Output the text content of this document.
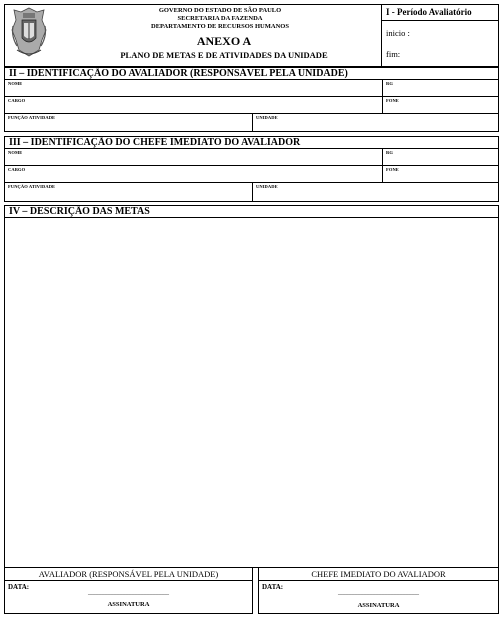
GOVERNO DO ESTADO DE SÃO PAULO
SECRETARIA DA FAZENDA
DEPARTAMENTO DE RECURSOS HUMANOS
ANEXO A
PLANO DE METAS E DE ATIVIDADES DA UNIDADE
I - Período Avaliatório
inicio :
fim:
II – IDENTIFICAÇÃO DO AVALIADOR (RESPONSÁVEL PELA UNIDADE)
NOME	RG
CARGO	FONE
FUNÇÃO ATIVIDADE	UNIDADE
III – IDENTIFICAÇÃO DO CHEFE IMEDIATO DO AVALIADOR
NOME	RG
CARGO	FONE
FUNÇÃO ATIVIDADE	UNIDADE
IV – DESCRIÇÃO DAS METAS
AVALIADOR (RESPONSÁVEL PELA UNIDADE)
DATA:
___________________________
ASSINATURA
CHEFE IMEDIATO DO AVALIADOR
DATA:
___________________________
ASSINATURA
